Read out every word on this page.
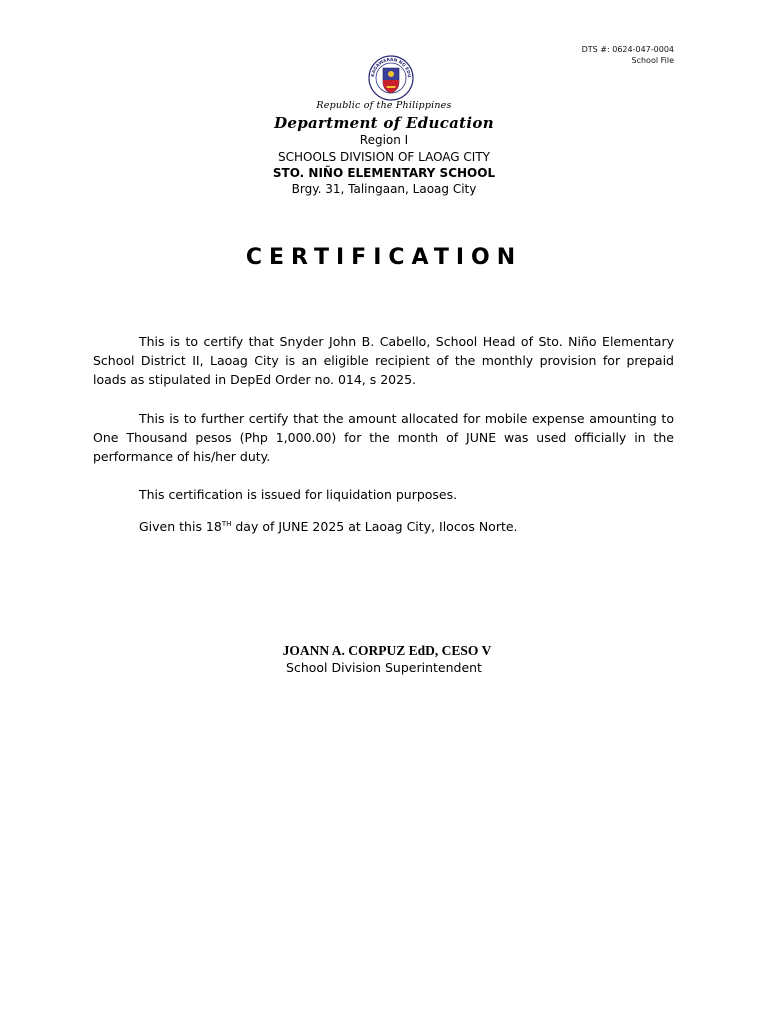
DTS #: 0624-047-0004
School File
KAGAWARAN NG EDU
Republic of the Philippines
Department of Education
Region I
SCHOOLS DIVISION OF LAOAG CITY
STO. NIÑO ELEMENTARY SCHOOL
Brgy. 31, Talingaan, Laoag City
CERTIFICATION

This is to certify that Snyder John B. Cabello, School Head of Sto. Niño Elementary School District II, Laoag City is an eligible recipient of the monthly provision for prepaid loads as stipulated in DepEd Order no. 014, s 2025.

This is to further certify that the amount allocated for mobile expense amounting to One Thousand pesos (Php 1,000.00) for the month of JUNE was used officially in the performance of his/her duty.

This certification is issued for liquidation purposes.

Given this 18TH day of JUNE 2025 at Laoag City, Ilocos Norte.

JOANN A. CORPUZ EdD, CESO V
School Division Superintendent
